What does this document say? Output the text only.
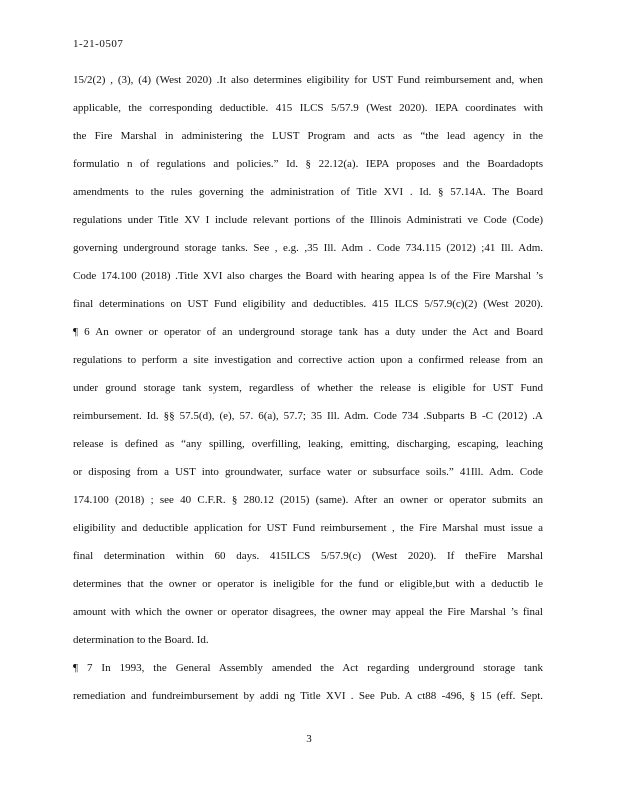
1-21-0507
15/2(2) , (3), (4) (West 2020) .It also determines eligibility for UST Fund reimbursement and, when
applicable, the corresponding deductible. 415 ILCS 5/57.9 (West 2020). IEPA coordinates with
the Fire Marshal in administering the LUST Program and acts as “the lead agency in the
formulatio n of regulations and policies.” Id. § 22.12(a). IEPA proposes and the Boardadopts
amendments to the rules governing the administration of Title XVI . Id. § 57.14A. The Board
regulations under Title XV I include relevant portions of the Illinois Administrati ve Code (Code)
governing underground storage tanks. See , e.g. ,35 Ill. Adm . Code 734.115 (2012) ;41 Ill. Adm.
Code 174.100 (2018) .Title XVI also charges the Board with hearing appea ls of the Fire Marshal ’s
final determinations on UST Fund eligibility and deductibles. 415 ILCS 5/57.9(c)(2) (West 2020).
¶ 6 An owner or operator of an underground storage tank has a duty under the Act and Board
regulations to perform a site investigation and corrective action upon a confirmed release from an
under ground storage tank system, regardless of whether the release is eligible for UST Fund
reimbursement. Id. §§ 57.5(d), (e), 57. 6(a), 57.7; 35 Ill. Adm. Code 734 .Subparts B -C (2012) .A
release is defined as “any spilling, overfilling, leaking, emitting, discharging, escaping, leaching
or disposing from a UST into groundwater, surface water or subsurface soils.” 41Ill. Adm. Code
174.100 (2018) ; see 40 C.F.R. § 280.12 (2015) (same). After an owner or operator submits an
eligibility and deductible application for UST Fund reimbursement , the Fire Marshal must issue a
final determination within 60 days. 415ILCS 5/57.9(c) (West 2020). If theFire Marshal
determines that the owner or operator is ineligible for the fund or eligible,but with a deductib le
amount with which the owner or operator disagrees, the owner may appeal the Fire Marshal ’s final
determination to the Board. Id.
¶ 7 In 1993, the General Assembly amended the Act regarding underground storage tank
remediation and fundreimbursement by addi ng Title XVI . See Pub. A ct88 -496, § 15 (eff. Sept.
3
